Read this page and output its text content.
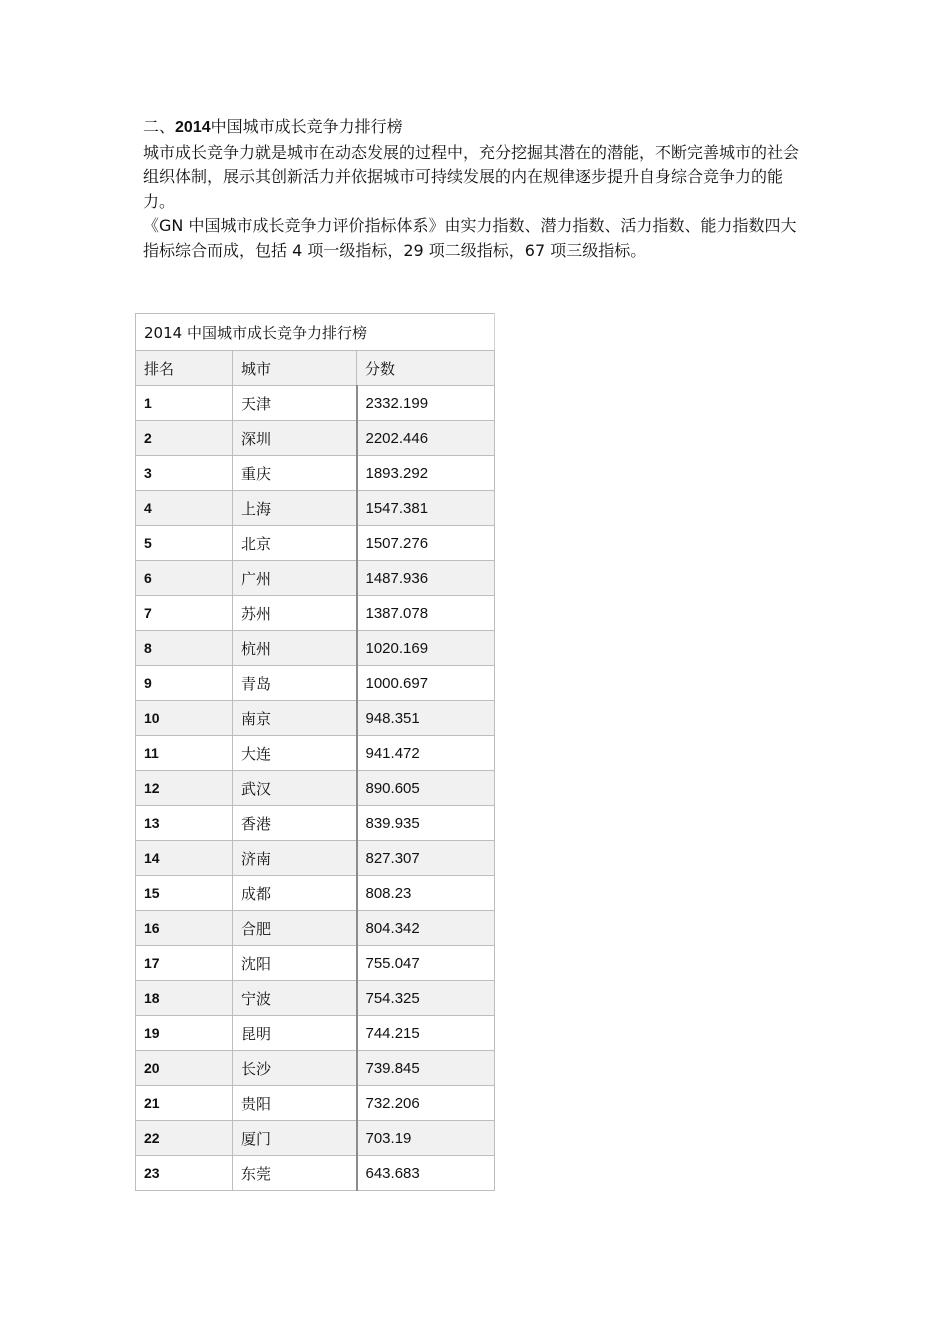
二、2014中国城市成长竞争力排行榜

城市成长竞争力就是城市在动态发展的过程中，充分挖掘其潜在的潜能，不断完善城市的社会组织体制，展示其创新活力并依据城市可持续发展的内在规律逐步提升自身综合竞争力的能力。

《GN 中国城市成长竞争力评价指标体系》由实力指数、潜力指数、活力指数、能力指数四大指标综合而成，包括 4 项一级指标，29 项二级指标，67 项三级指标。

2014 中国城市成长竞争力排行榜		
排名	城市	分数
1	天津	2332.199
2	深圳	2202.446
3	重庆	1893.292
4	上海	1547.381
5	北京	1507.276
6	广州	1487.936
7	苏州	1387.078
8	杭州	1020.169
9	青岛	1000.697
10	南京	948.351
11	大连	941.472
12	武汉	890.605
13	香港	839.935
14	济南	827.307
15	成都	808.23
16	合肥	804.342
17	沈阳	755.047
18	宁波	754.325
19	昆明	744.215
20	长沙	739.845
21	贵阳	732.206
22	厦门	703.19
23	东莞	643.683
